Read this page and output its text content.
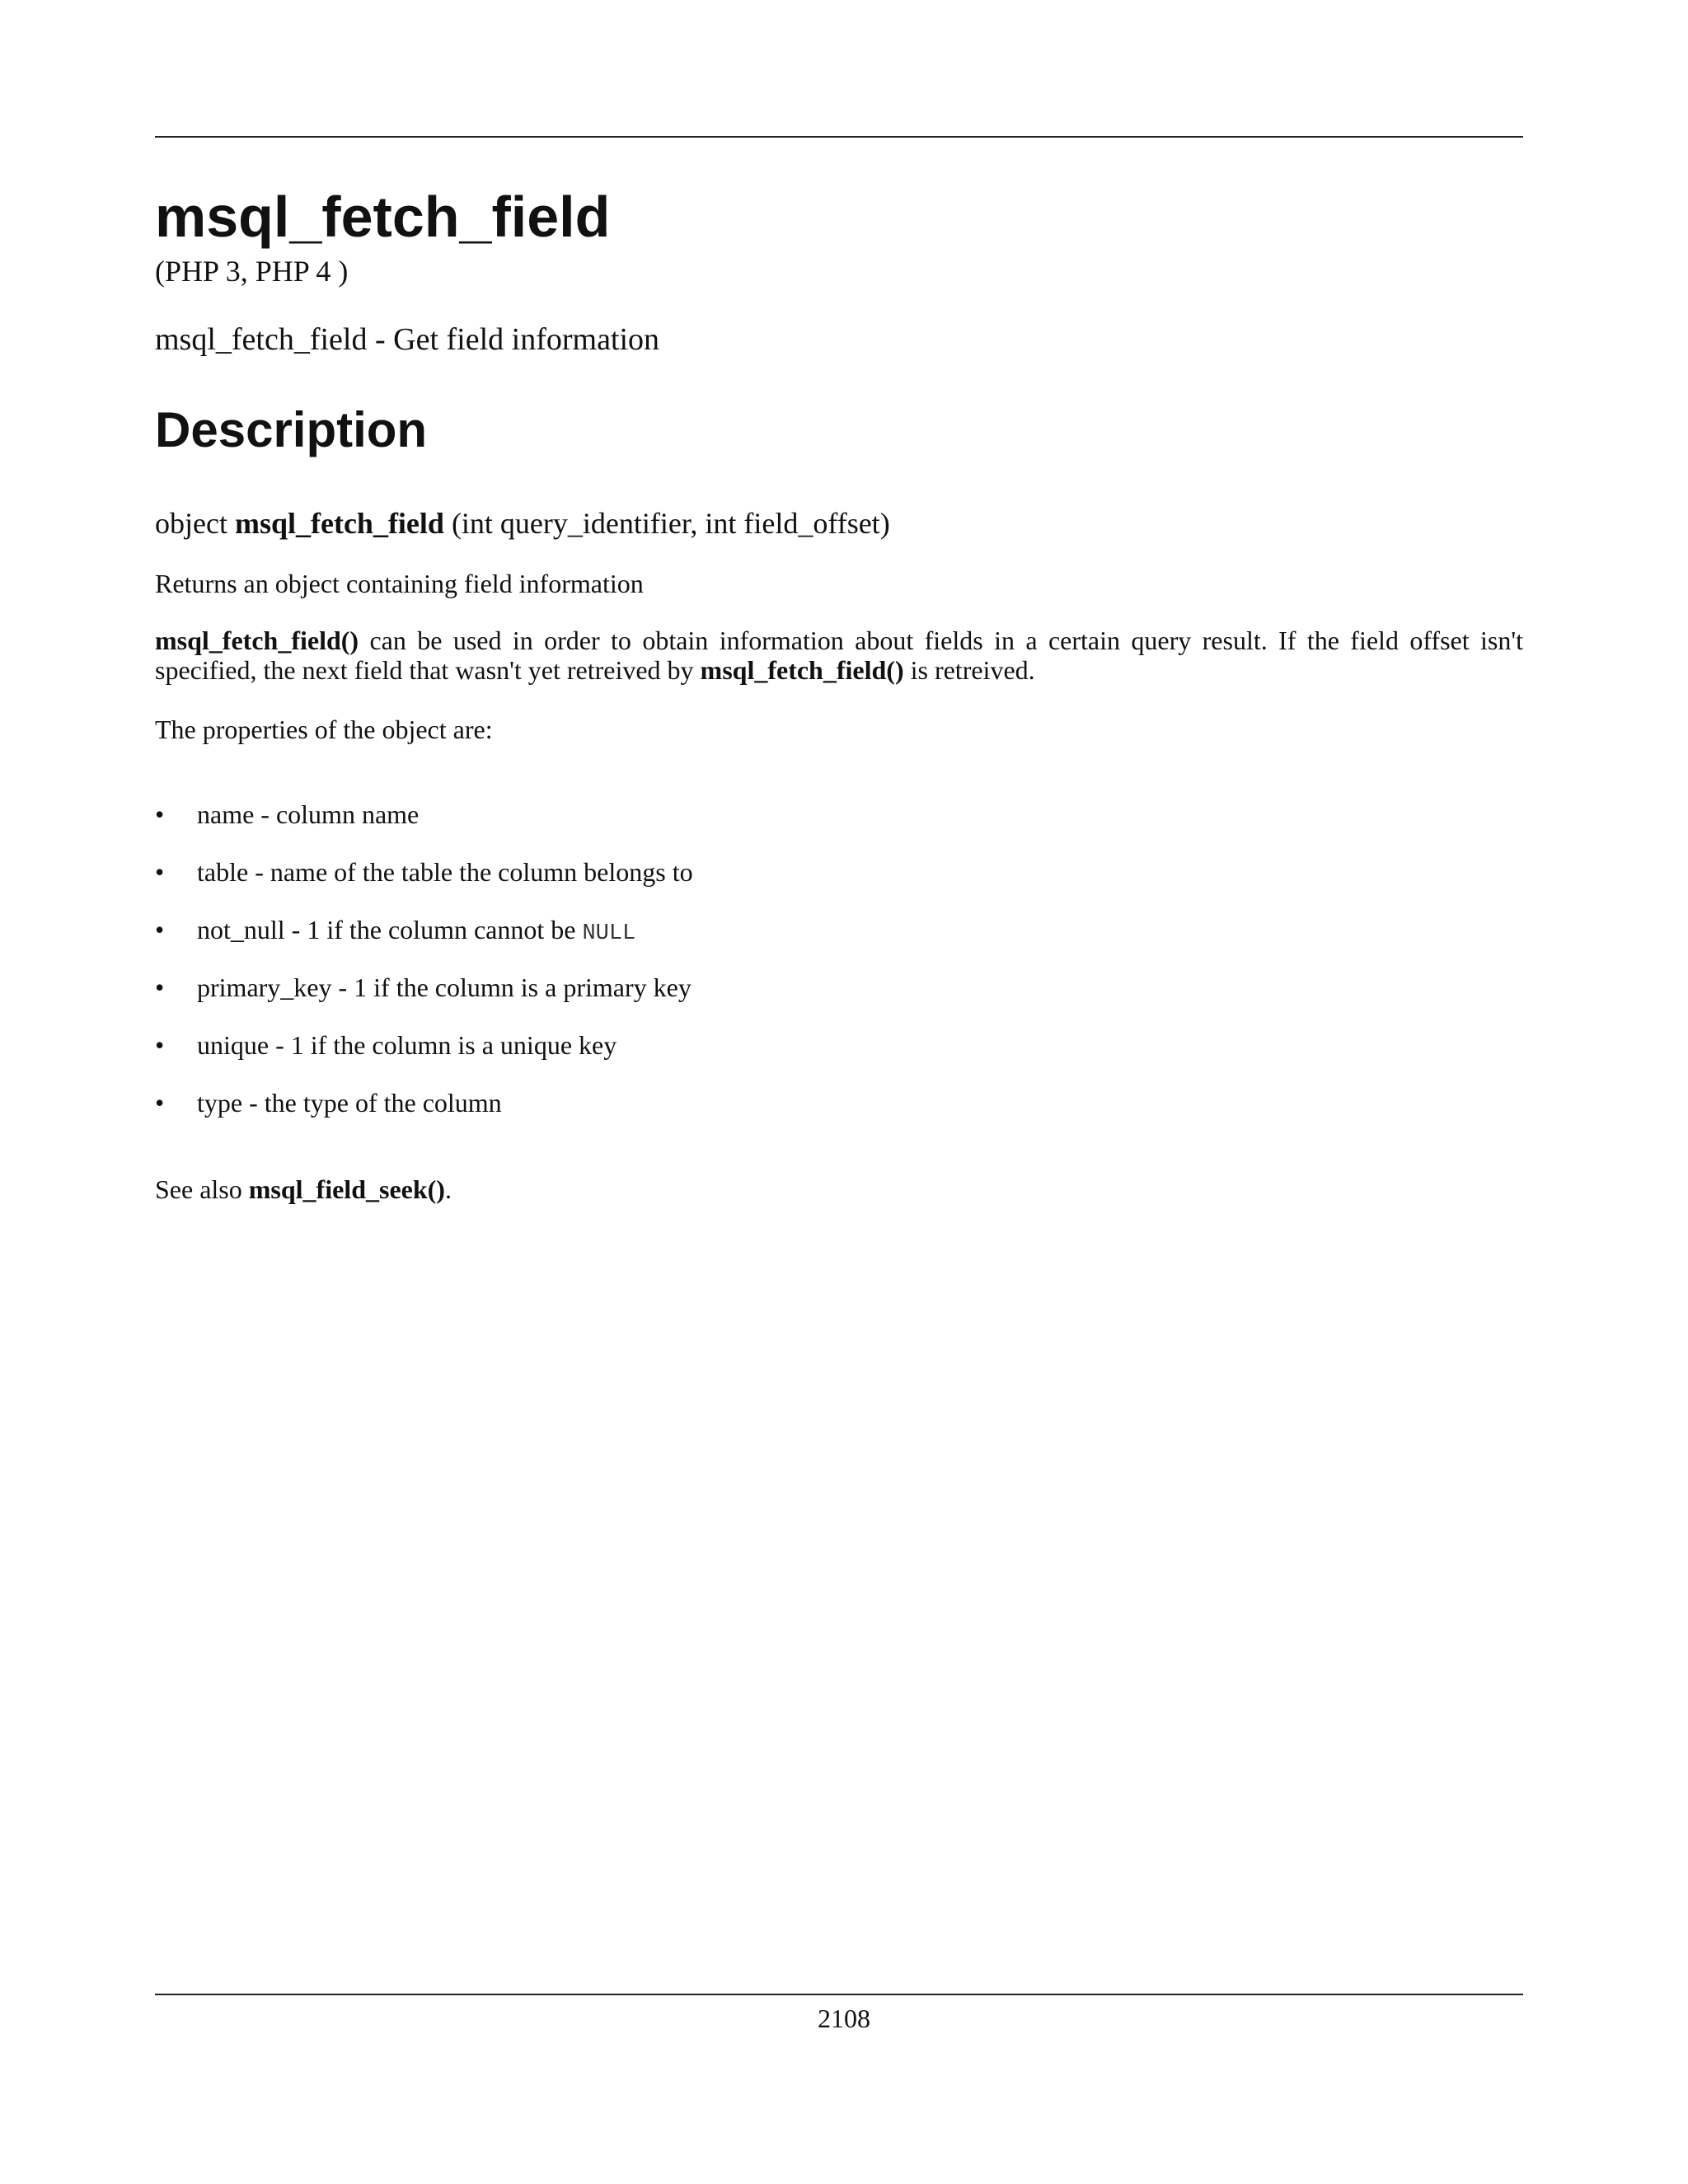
msql_fetch_field
(PHP 3, PHP 4 )
msql_fetch_field - Get field information
Description
object msql_fetch_field (int query_identifier, int field_offset)
Returns an object containing field information
msql_fetch_field() can be used in order to obtain information about fields in a certain query result. If the field offset isn't specified, the next field that wasn't yet retreived by msql_fetch_field() is retreived.
The properties of the object are:
• name - column name
• table - name of the table the column belongs to
• not_null - 1 if the column cannot be NULL
• primary_key - 1 if the column is a primary key
• unique - 1 if the column is a unique key
• type - the type of the column
See also msql_field_seek().
2108
